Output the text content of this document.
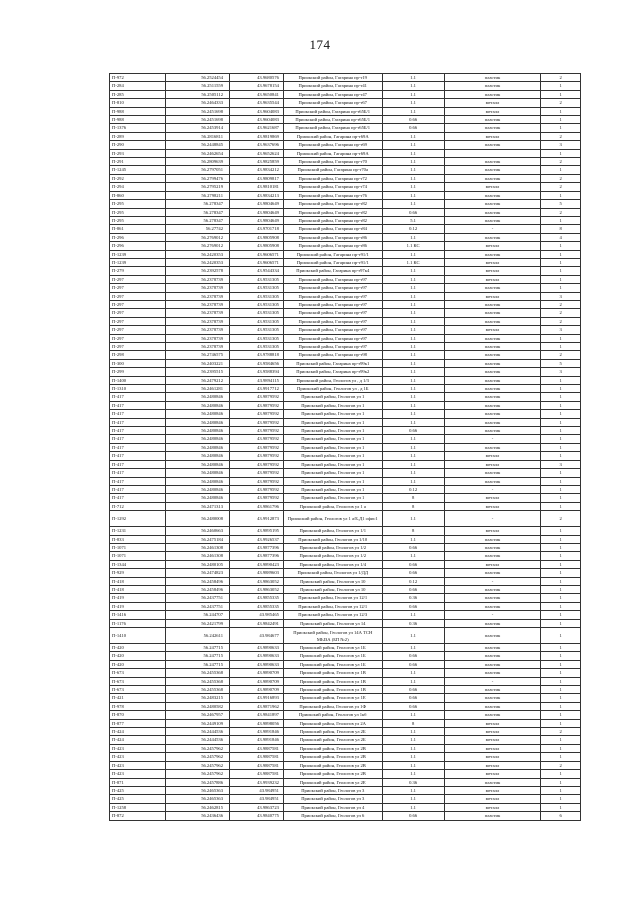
174
П-972	56.2524454	43.9680576	Приокский район, Гагарина пр-т19	1.1	пластик	2
П-284	56.2511559	43.9678154	Приокский район, Гагарина пр-т41	1.1	пластик	1
П-285	56.2505112	43.9650841	Приокский район, Гагарина пр-т47	1.1	пластик	1
П-810	56.2464333	43.9635544	Приокский район, Гагарина пр-т67	1.1	металл	2
П-988	56.2451698	43.9604083	Приокский район, Гагарина пр-т65Б/1	1.1	металл	1
П-988	56.2451698	43.9604083	Приокский район, Гагарина пр-т65Б/1	0.66	пластик	1
П-1376	56.2453914	43.9621687	Приокский район, Гагарина пр-т65Б/1	0.66	пластик	1
П-289	56.2816811	43.9819869	Приокский район, Гагарина пр-т69А	1.1	металл	2
П-290	56.2448845	43.9637696	Приокский район, Гагарина пр-т69	1.1	пластик	3
П-293	56.2462654	43.9652624	Приокский район, Гагарина пр-т69А	1.1		1
П-291	56.2809639	43.9825859	Приокский район, Гагарина пр-т70	1.1	пластик	2
П-1245	56.2797051	43.9834212	Приокский район, Гагарина пр-т70а	1.1	пластик	1
П-292	56.2799476	43.9809817	Приокский район, Гагарина пр-т72	1.1	пластик	2
П-294	56.2795219	43.9810181	Приокский район, Гагарина пр-т74	1.1	металл	2
П-860	56.2798211	43.9834213	Приокский район, Гагарина пр-т76	1.1	пластик	1
П-295	56.278347	43.9804649	Приокский район, Гагарина пр-т82	1.1	пластик	5
П-295	56.278347	43.9804649	Приокский район, Гагарина пр-т82	0.66	пластик	2
П-295	56.278347	43.9804649	Приокский район, Гагарина пр-т82	5.1	пластик	1
П-861	56.27742	43.9701718	Приокский район, Гагарина пр-т84	0.12	-	8
П-296	56.2769012	43.9805908	Приокский район, Гагарина пр-т86	1.1	пластик	4
П-296	56.2769012	43.9805908	Приокский район, Гагарина пр-т86	1.1 КС	металл	1
П-1239	56.2420353	43.9606571	Приокский район, Гагарина пр-т91/1	1.1	пластик	1
П-1239	56.2420353	43.9606571	Приокский район, Гагарина пр-т91/1	1.1 КС	металл	1
П-279	56.2392578	43.9544334	Приокский район, Гагарина пр-т97к4	1.1	металл	1
П-297	56.2378739	43.9531305	Приокский район, Гагарина пр-т97	1.1	металл	1
П-297	56.2378739	43.9531305	Приокский район, Гагарина пр-т97	1.1	пластик	1
П-297	56.2378739	43.9531305	Приокский район, Гагарина пр-т97	1.1	металл	3
П-297	56.2378739	43.9531305	Приокский район, Гагарина пр-т97	1.1	пластик	2
П-297	56.2378739	43.9531305	Приокский район, Гагарина пр-т97	1.1	пластик	2
П-297	56.2378739	43.9531305	Приокский район, Гагарина пр-т97	1.1	пластик	2
П-297	56.2378739	43.9531305	Приокский район, Гагарина пр-т97	1.1	металл	3
П-297	56.2378739	43.9531305	Приокский район, Гагарина пр-т97	1.1	пластик	1
П-297	56.2378739	43.9531305	Приокский район, Гагарина пр-т97	1.1	пластик	1
П-298	56.2746575	43.9788818	Приокский район, Гагарина пр-т98	1.1	пластик	2
П-300	56.2403221	43.9584656	Приокский район, Гагарина пр-т99к1	1.1	пластик	5
П-299	56.2395515	43.9588394	Приокский район, Гагарина пр-т99к2	1.1	пластик	3
П-1400	56.2479212	43.9894115	Приокский район, Геологов ул , д 1/3	1.1	пластик	1
П-1310	56.2461281	43.9917712	Приокский район, Геологов ул , д 1Б	1.1	пластик	1
П-417	56.2480846	43.9879592	Приокский район, Геологов ул 1	1.1	пластик	1
П-417	56.2480846	43.9879592	Приокский район, Геологов ул 1	1.1	пластик	1
П-417	56.2480846	43.9879592	Приокский район, Геологов ул 1	1.1	пластик	1
П-417	56.2480846	43.9879592	Приокский район, Геологов ул 1	1.1	пластик	1
П-417	56.2480846	43.9879592	Приокский район, Геологов ул 1	0.66	пластик	1
П-417	56.2480846	43.9879592	Приокский район, Геологов ул 1	1.1	-	1
П-417	56.2480846	43.9879592	Приокский район, Геологов ул 1	1.1	пластик	1
П-417	56.2480846	43.9879592	Приокский район, Геологов ул 1	1.1	металл	1
П-417	56.2480846	43.9879592	Приокский район, Геологов ул 1	1.1	металл	3
П-417	56.2480846	43.9879592	Приокский район, Геологов ул 1	1.1	пластик	1
П-417	56.2480846	43.9879592	Приокский район, Геологов ул 1	1.1	пластик	1
П-417	56.2480846	43.9879592	Приокский район, Геологов ул 1	0.12	-	1
П-417	56.2480846	43.9879592	Приокский район, Геологов ул 1	8	металл	1
П-712	56.2471313	43.9861796	Приокский район, Геологов ул 1 а	8	металл	1
П-1292	56.2480008	43.9912873	Приокский район, Геологов ул 1 а/Б,Д1 офис1	1.1	-	2
П-1231	56.2460663	43.9895195	Приокский район, Геологов ул 1/1	8	металл	1
П-833	56.2475184	43.9926537	Приокский район, Геологов ул 1/10	1.1	пластик	1
П-1071	56.2461308	43.9877396	Приокский район, Геологов ул 1/2	0.66	пластик	1
П-1071	56.2461308	43.9877396	Приокский район, Геологов ул 1/2	1.1	пластик	1
П-1344	56.2480105	43.9890423	Приокский район, Геологов ул 1/4	0.66	металл	1
П-929	56.2474823	43.9889603	Приокский район, Геологов ул 1/ДД	0.66	пластик	1
П-418	56.2458496	43.9863052	Приокский район, Геологов ул 10	0.12	-	1
П-418	56.2458496	43.9863052	Приокский район, Геологов ул 10	0.66	пластик	1
П-419	56.2437751	43.9855335	Приокский район, Геологов ул 12/1	0.36	пластик	1
П-419	56.2437751	43.9855335	Приокский район, Геологов ул 12/1	0.66	пластик	1
П-1416	56.244707	43.985465	Приокский район, Геологов ул 12/3	1.1	-	1
П-1176	56.2421799	43.9842491	Приокский район, Геологов ул 14	0.36	пластик	1
П-1410	56.242611	43.984677	Приокский район, Геологов ул 14А ТСН МЫЗА (БП №2)	1.1	пластик	1
П-420	56.247715	43.9890633	Приокский район, Геологов ул 1Б	1.1	пластик	1
П-420	56.247715	43.9890633	Приокский район, Геологов ул 1Б	0.66	пластик	1
П-420	56.247715	43.9890633	Приокский район, Геологов ул 1Б	0.66	пластик	1
П-673	56.2455368	43.9890709	Приокский район, Геологов ул 1В	1.1	пластик	1
П-673	56.2455368	43.9890709	Приокский район, Геологов ул 1В	1.1	-	1
П-673	56.2455368	43.9890709	Приокский район, Геологов ул 1В	0.66	пластик	1
П-421	56.2483215	43.9916893	Приокский район, Геологов ул 1Е	0.66	пластик	1
П-978	56.2480582	43.9871962	Приокский район, Геологов ул 1Ф	0.66	пластик	1
П-870	56.2467957	43.9841897	Приокский район, Геологов ул 1кб	1.1	пластик	1
П-877	56.2449109	43.9898056	Приокский район, Геологов ул 2А	8	металл	1
П-424	56.2444536	43.9891846	Приокский район, Геологов ул 2Б	1.1	металл	2
П-424	56.2444536	43.9891846	Приокский район, Геологов ул 2Б	1.1	металл	1
П-423	56.2457962	43.9887581	Приокский район, Геологов ул 2В	1.1	металл	1
П-423	56.2457962	43.9887581	Приокский район, Геологов ул 2В	1.1	металл	1
П-423	56.2457962	43.9887581	Приокский район, Геологов ул 2В	1.1	металл	2
П-423	56.2457962	43.9887581	Приокский район, Геологов ул 2В	1.1	металл	1
П-871	56.2457886	43.9939232	Приокский район, Геологов ул 2Е	0.36	пластик	1
П-425	56.2465363	43.984951	Приокский район, Геологов ул 3	1.1	металл	1
П-425	56.2465363	43.984951	Приокский район, Геологов ул 3	1.1	металл	1
П-1258	56.2462815	43.9863723	Приокский район, Геологов ул 4	1.1	металл	1
П-872	56.2436436	43.9840775	Приокский район, Геологов ул 6	0.66	пластик	6
